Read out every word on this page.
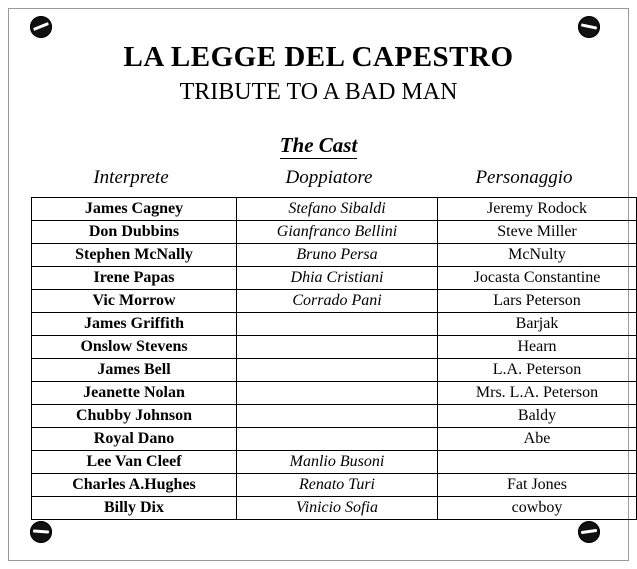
LA LEGGE DEL CAPESTRO
TRIBUTE TO A BAD MAN
The Cast
Interprete	Doppiatore	Personaggio
James Cagney	Stefano Sibaldi	Jeremy Rodock
Don Dubbins	Gianfranco Bellini	Steve Miller
Stephen McNally	Bruno Persa	McNulty
Irene Papas	Dhia Cristiani	Jocasta Constantine
Vic Morrow	Corrado Pani	Lars Peterson
James Griffith		Barjak
Onslow Stevens		Hearn
James Bell		L.A. Peterson
Jeanette Nolan		Mrs. L.A. Peterson
Chubby Johnson		Baldy
Royal Dano		Abe
Lee Van Cleef	Manlio Busoni	
Charles A.Hughes	Renato Turi	Fat Jones
Billy Dix	Vinicio Sofia	cowboy
